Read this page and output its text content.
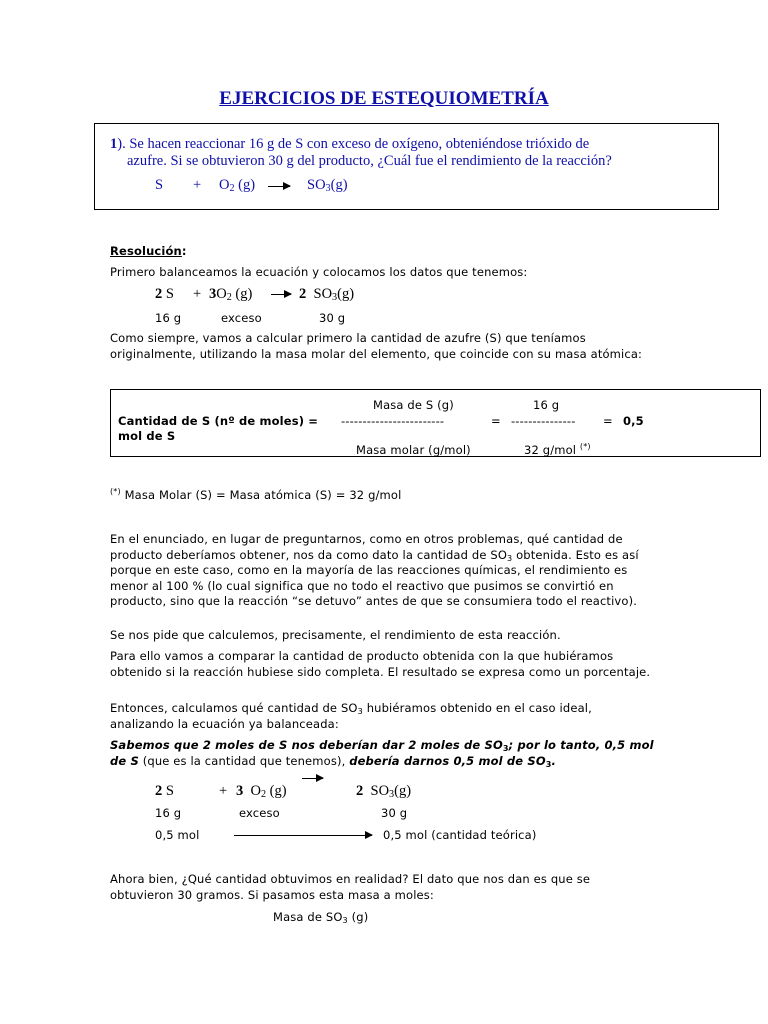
EJERCICIOS DE ESTEQUIOMETRÍA
1). Se hacen reaccionar 16 g de S con exceso de oxígeno, obteniéndose trióxido de
azufre. Si se obtuvieron 30 g del producto, ¿Cuál fue el rendimiento de la reacción?
$S + O_2$ (g)	$SO_3(g)$
Resolución:
Primero balanceamos la ecuación y colocamos los datos que tenemos:
2 $S + 3O_2$ (g)	2 $SO_3(g)$
16 g	exceso	30 g
Como siempre, vamos a calcular primero la cantidad de azufre (S) que teníamos originalmente, utilizando la masa molar del elemento, que coincide con su masa atómica:
Masa de S (g)	16 g
Cantidad de S (nº de moles) = ------------------------	= --------------- = 0,5
mol de S
Masa molar (g/mol)	32 g/mol (*)
(*) Masa Molar (S) = Masa atómica (S) = 32 g/mol
En el enunciado, en lugar de preguntarnos, como en otros problemas, qué cantidad de producto deberíamos obtener, nos da como dato la cantidad de $SO_3$ obtenida. Esto es así porque en este caso, como en la mayoría de las reacciones químicas, el rendimiento es menor al 100 % (lo cual significa que no todo el reactivo que pusimos se convirtió en producto, sino que la reacción “se detuvo” antes de que se consumiera todo el reactivo).
Se nos pide que calculemos, precisamente, el rendimiento de esta reacción.
Para ello vamos a comparar la cantidad de producto obtenida con la que hubiéramos obtenido si la reacción hubiese sido completa. El resultado se expresa como un porcentaje.
Entonces, calculamos qué cantidad de $SO_3$ hubiéramos obtenido en el caso ideal, analizando la ecuación ya balanceada:
Sabemos que 2 moles de S nos deberían dar 2 moles de $SO_3$; por lo tanto, 0,5 mol de S (que es la cantidad que tenemos), debería darnos 0,5 mol de $SO_3$.
2 S	+ 3 $O_2$ (g)	2 $SO_3(g)$
16 g	exceso	30 g
0,5 mol	0,5 mol (cantidad teórica)
Ahora bien, ¿Qué cantidad obtuvimos en realidad? El dato que nos dan es que se obtuvieron 30 gramos. Si pasamos esta masa a moles:
Masa de $SO_3$ (g)
